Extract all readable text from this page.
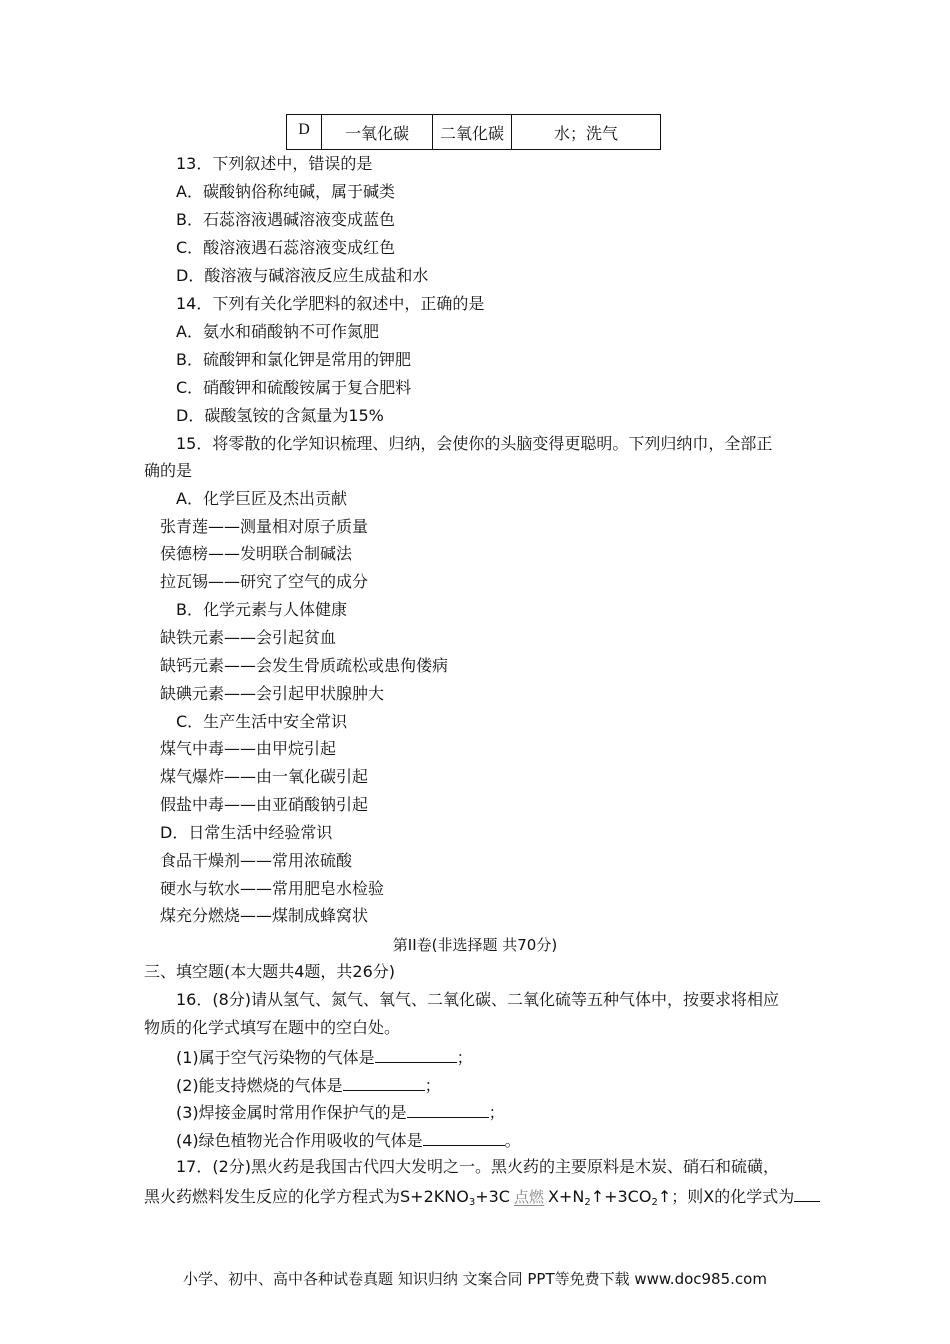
D	一氧化碳	二氧化碳	水；洗气
13．下列叙述中，错误的是
A．碳酸钠俗称纯碱，属于碱类
B．石蕊溶液遇碱溶液变成蓝色
C．酸溶液遇石蕊溶液变成红色
D．酸溶液与碱溶液反应生成盐和水
14．下列有关化学肥料的叙述中，正确的是
A．氨水和硝酸钠不可作氮肥
B．硫酸钾和氯化钾是常用的钾肥
C．硝酸钾和硫酸铵属于复合肥料
D．碳酸氢铵的含氮量为15%
15．将零散的化学知识梳理、归纳，会使你的头脑变得更聪明。下列归纳巾，全部正
确的是
A．化学巨匠及杰出贡献
张青莲——测量相对原子质量
侯德榜——发明联合制碱法
拉瓦锡——研究了空气的成分
B．化学元素与人体健康
缺铁元素——会引起贫血
缺钙元素——会发生骨质疏松或患佝偻病
缺碘元素——会引起甲状腺肿大
C．生产生活中安全常识
煤气中毒——由甲烷引起
煤气爆炸——由一氧化碳引起
假盐中毒——由亚硝酸钠引起
D．日常生活中经验常识
食品干燥剂——常用浓硫酸
硬水与软水——常用肥皂水检验
煤充分燃烧——煤制成蜂窝状
第II卷(非选择题 共70分)
三、填空题(本大题共4题，共26分)
16．(8分)请从氢气、氮气、氧气、二氧化碳、二氧化硫等五种气体中，按要求将相应
物质的化学式填写在题中的空白处。
(1)属于空气污染物的气体是	；
(2)能支持燃烧的气体是	；
(3)焊接金属时常用作保护气的是	；
(4)绿色植物光合作用吸收的气体是	。
17．(2分)黑火药是我国古代四大发明之一。黑火药的主要原料是木炭、硝石和硫磺，
黑火药燃料发生反应的化学方程式为$S+2KNO_3+3C$ 点燃 $X+N_2↑+3CO_2↑$；则X的化学式为
小学、初中、高中各种试卷真题 知识归纳 文案合同 PPT等免费下载 www.doc985.com
